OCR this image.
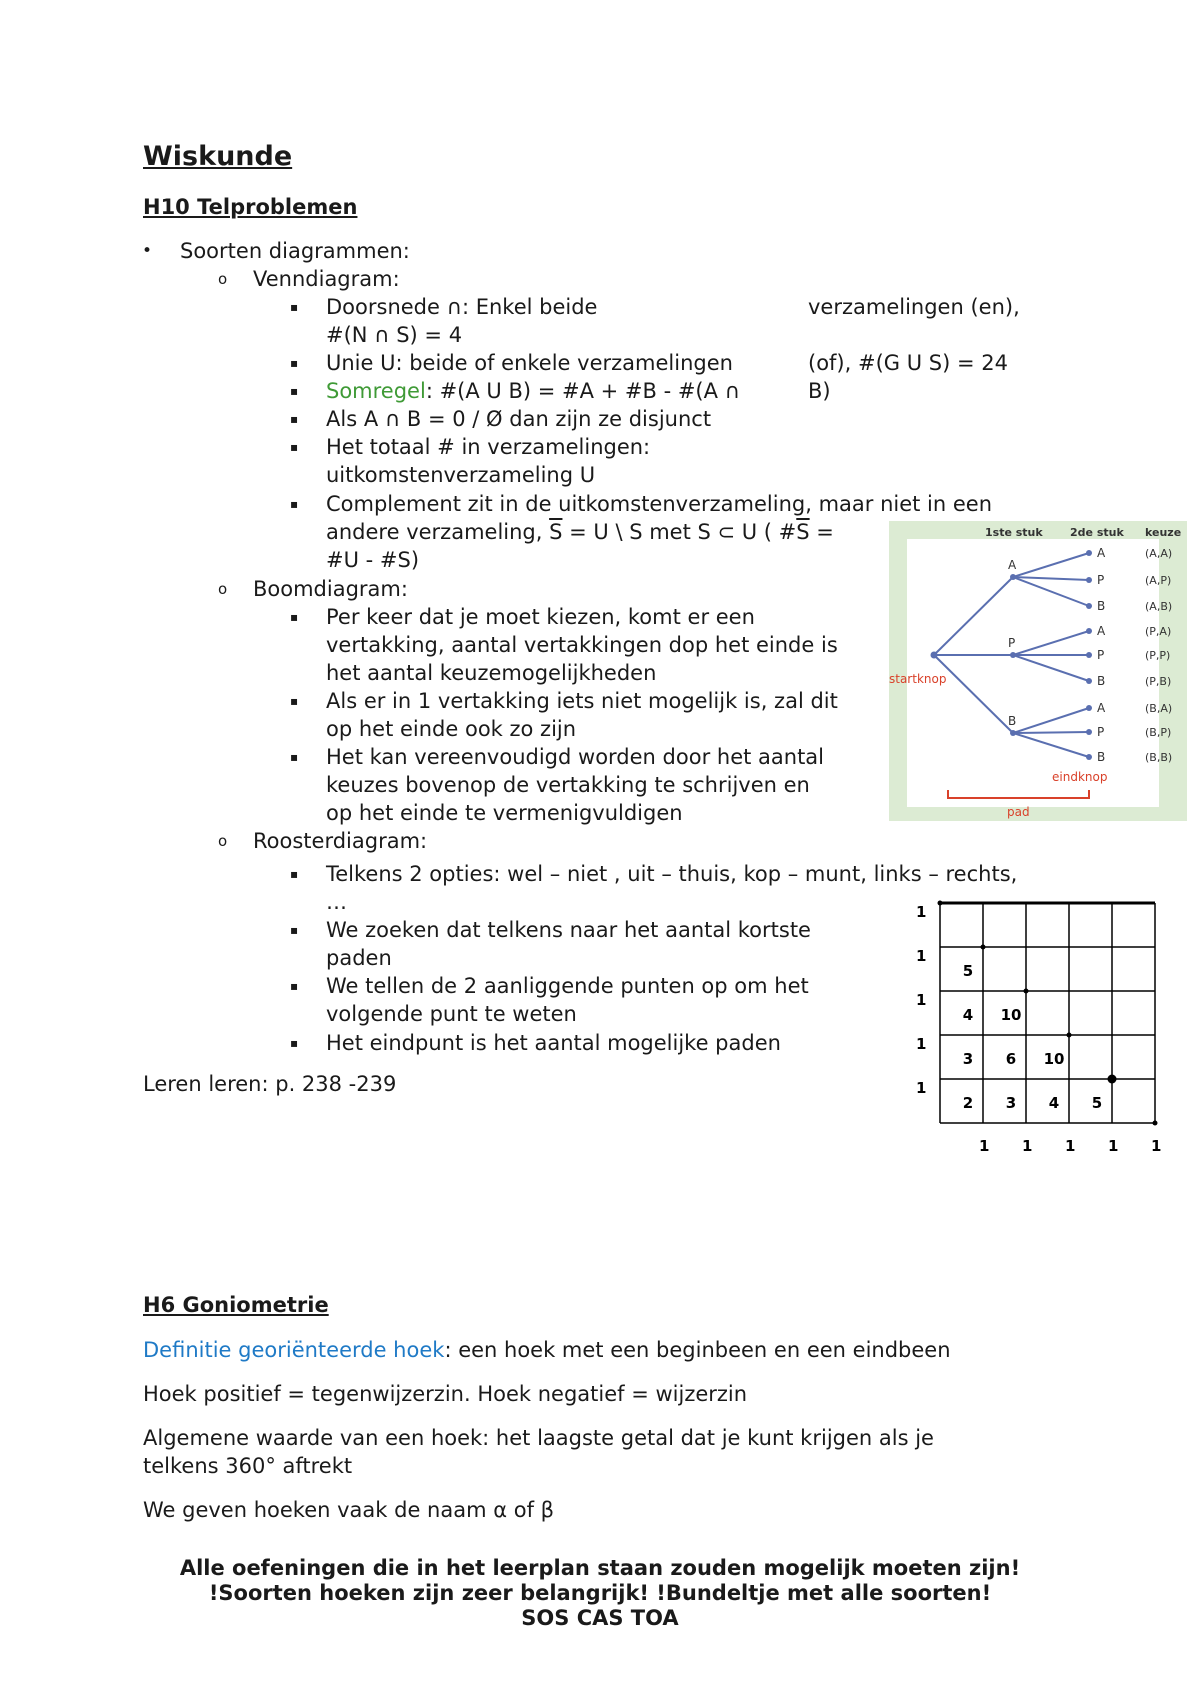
Wiskunde
H10 Telproblemen
• Soorten diagrammen:
o Venndiagram:
▪ Doorsnede ∩: Enkel beide	verzamelingen (en),
#(N ∩ S) = 4
▪ Unie U: beide of enkele verzamelingen	(of), #(G U S) = 24
▪ Somregel: #(A U B) = #A + #B - #(A ∩	B)
▪ Als A ∩ B = 0 / Ø dan zijn ze disjunct
▪ Het totaal # in verzamelingen:
uitkomstenverzameling U
▪ Complement zit in de uitkomstenverzameling, maar niet in een
andere verzameling, $\overline{S} = U$ \ S met S ⊂ U ( $\#\overline{S}$ =
#U - #S)
o Boomdiagram:
▪ Per keer dat je moet kiezen, komt er een
vertakking, aantal vertakkingen dop het einde is
het aantal keuzemogelijkheden
▪ Als er in 1 vertakking iets niet mogelijk is, zal dit
op het einde ook zo zijn
▪ Het kan vereenvoudigd worden door het aantal
keuzes bovenop de vertakking te schrijven en
op het einde te vermenigvuldigen
o Roosterdiagram:
▪ Telkens 2 opties: wel – niet , uit – thuis, kop – munt, links – rechts,
…
▪ We zoeken dat telkens naar het aantal kortste
paden
▪ We tellen de 2 aanliggende punten op om het
volgende punt te weten
▪ Het eindpunt is het aantal mogelijke paden
Leren leren: p. 238 -239
H6 Goniometrie
Definitie georiënteerde hoek: een hoek met een beginbeen en een eindbeen
Hoek positief = tegenwijzerzin. Hoek negatief = wijzerzin
Algemene waarde van een hoek: het laagste getal dat je kunt krijgen als je
telkens 360° aftrekt
We geven hoeken vaak de naam α of β
Alle oefeningen die in het leerplan staan zouden mogelijk moeten zijn!
!Soorten hoeken zijn zeer belangrijk! !Bundeltje met alle soorten!
SOS CAS TOA
1ste stuk 2de stuk keuze
A
A	(A,A)
P	(A,P)
B	(A,B)
P
A	(P,A)
P	(P,P)
B	(P,B)
B
A	(B,A)
P	(B,P)
B	(B,B)
startknop
eindknop
pad
1
1
1
1
1
1 1 1 1 1
5
4 10
3 6 10
2 3 4 5
